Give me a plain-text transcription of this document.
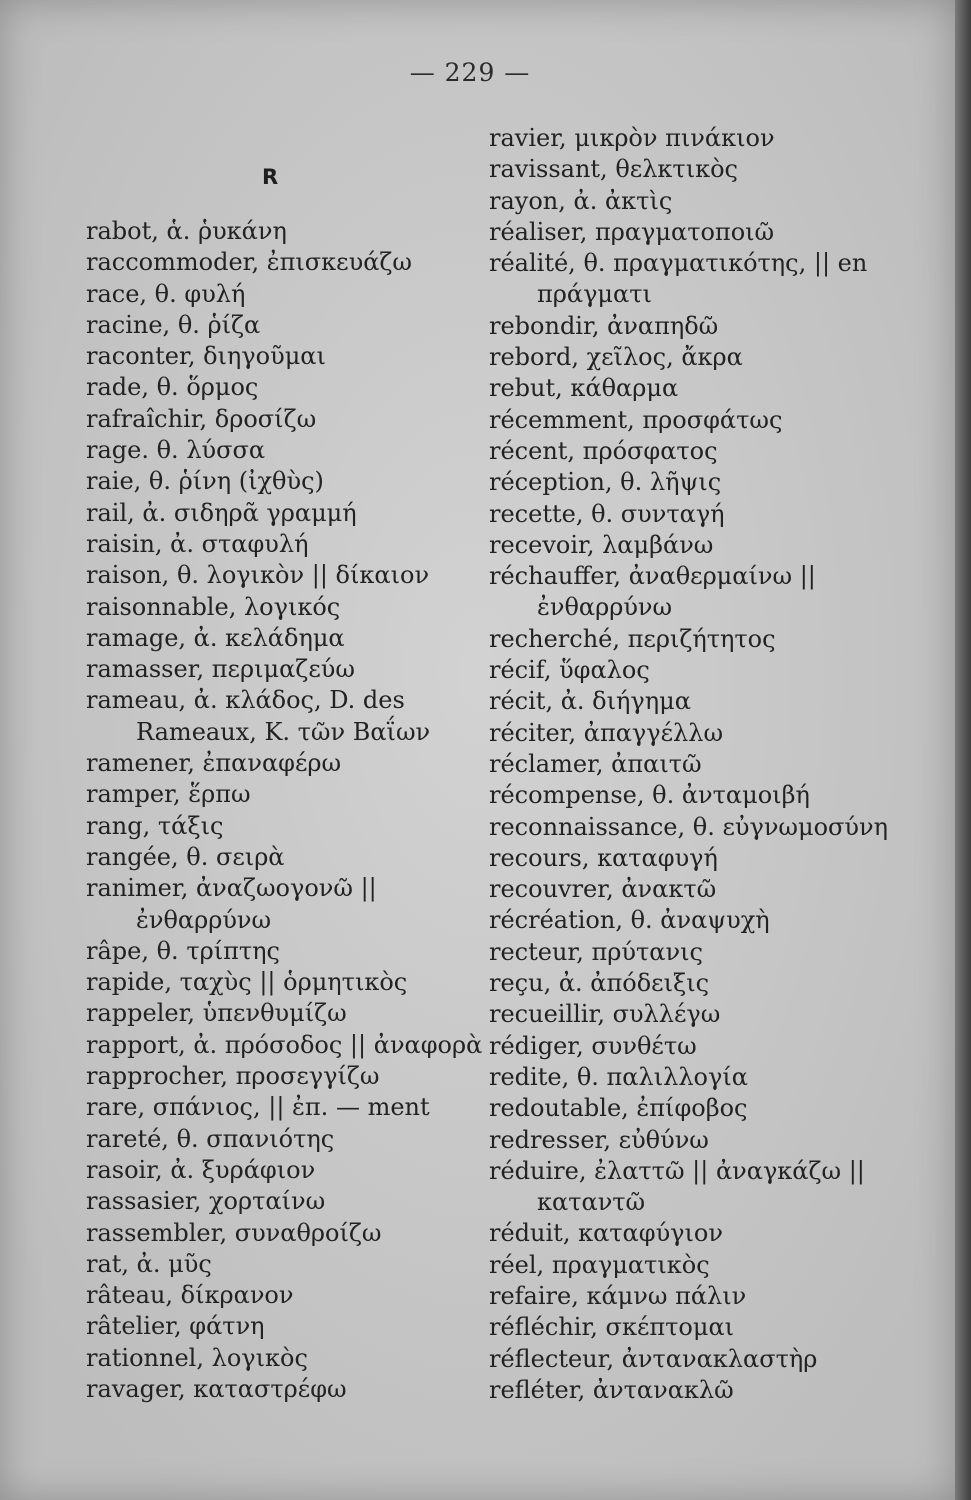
— 229 —
R
rabot, ἁ. ῥυκάνη
raccommoder, ἐπισκευάζω
race, θ. φυλή
racine, θ. ῥίζα
raconter, διηγοῦμαι
rade, θ. ὅρμος
rafraîchir, δροσίζω
rage. θ. λύσσα
raie, θ. ῥίνη (ἰχθὺς)
rail, ἀ. σιδηρᾶ γραμμή
raisin, ἀ. σταφυλή
raison, θ. λογικὸν || δίκαιον
raisonnable, λογικός
ramage, ἀ. κελάδημα
ramasser, περιμαζεύω
rameau, ἀ. κλάδος, D. des Rameaux, K. τῶν Βαΐων
ramener, ἐπαναφέρω
ramper, ἕρπω
rang, τάξις
rangée, θ. σειρὰ
ranimer, ἀναζωογονῶ || ἐνθαρρύνω
râpe, θ. τρίπτης
rapide, ταχὺς || ὁρμητικὸς
rappeler, ὑπενθυμίζω
rapport, ἀ. πρόσοδος || ἀναφορὰ
rapprocher, προσεγγίζω
rare, σπάνιος, || ἐπ. — ment
rareté, θ. σπανιότης
rasoir, ἀ. ξυράφιον
rassasier, χορταίνω
rassembler, συναθροίζω
rat, ἀ. μῦς
râteau, δίκρανον
râtelier, φάτνη
rationnel, λογικὸς
ravager, καταστρέφω
ravier, μικρὸν πινάκιον
ravissant, θελκτικὸς
rayon, ἀ. ἀκτὶς
réaliser, πραγματοποιῶ
réalité, θ. πραγματικότης, || en πράγματι
rebondir, ἀναπηδῶ
rebord, χεῖλος, ἄκρα
rebut, κάθαρμα
récemment, προσφάτως
récent, πρόσφατος
réception, θ. λῆψις
recette, θ. συνταγή
recevoir, λαμβάνω
réchauffer, ἀναθερμαίνω || ἐνθαρρύνω
recherché, περιζήτητος
récif, ὕφαλος
récit, ἀ. διήγημα
réciter, ἀπαγγέλλω
réclamer, ἀπαιτῶ
récompense, θ. ἀνταμοιβή
reconnaissance, θ. εὐγνωμοσύνη
recours, καταφυγή
recouvrer, ἀνακτῶ
récréation, θ. ἀναψυχὴ
recteur, πρύτανις
reçu, ἀ. ἀπόδειξις
recueillir, συλλέγω
rédiger, συνθέτω
redite, θ. παλιλλογία
redoutable, ἐπίφοβος
redresser, εὐθύνω
réduire, ἐλαττῶ || ἀναγκάζω || καταντῶ
réduit, καταφύγιον
réel, πραγματικὸς
refaire, κάμνω πάλιν
réfléchir, σκέπτομαι
réflecteur, ἀντανακλαστὴρ
refléter, ἀντανακλῶ
